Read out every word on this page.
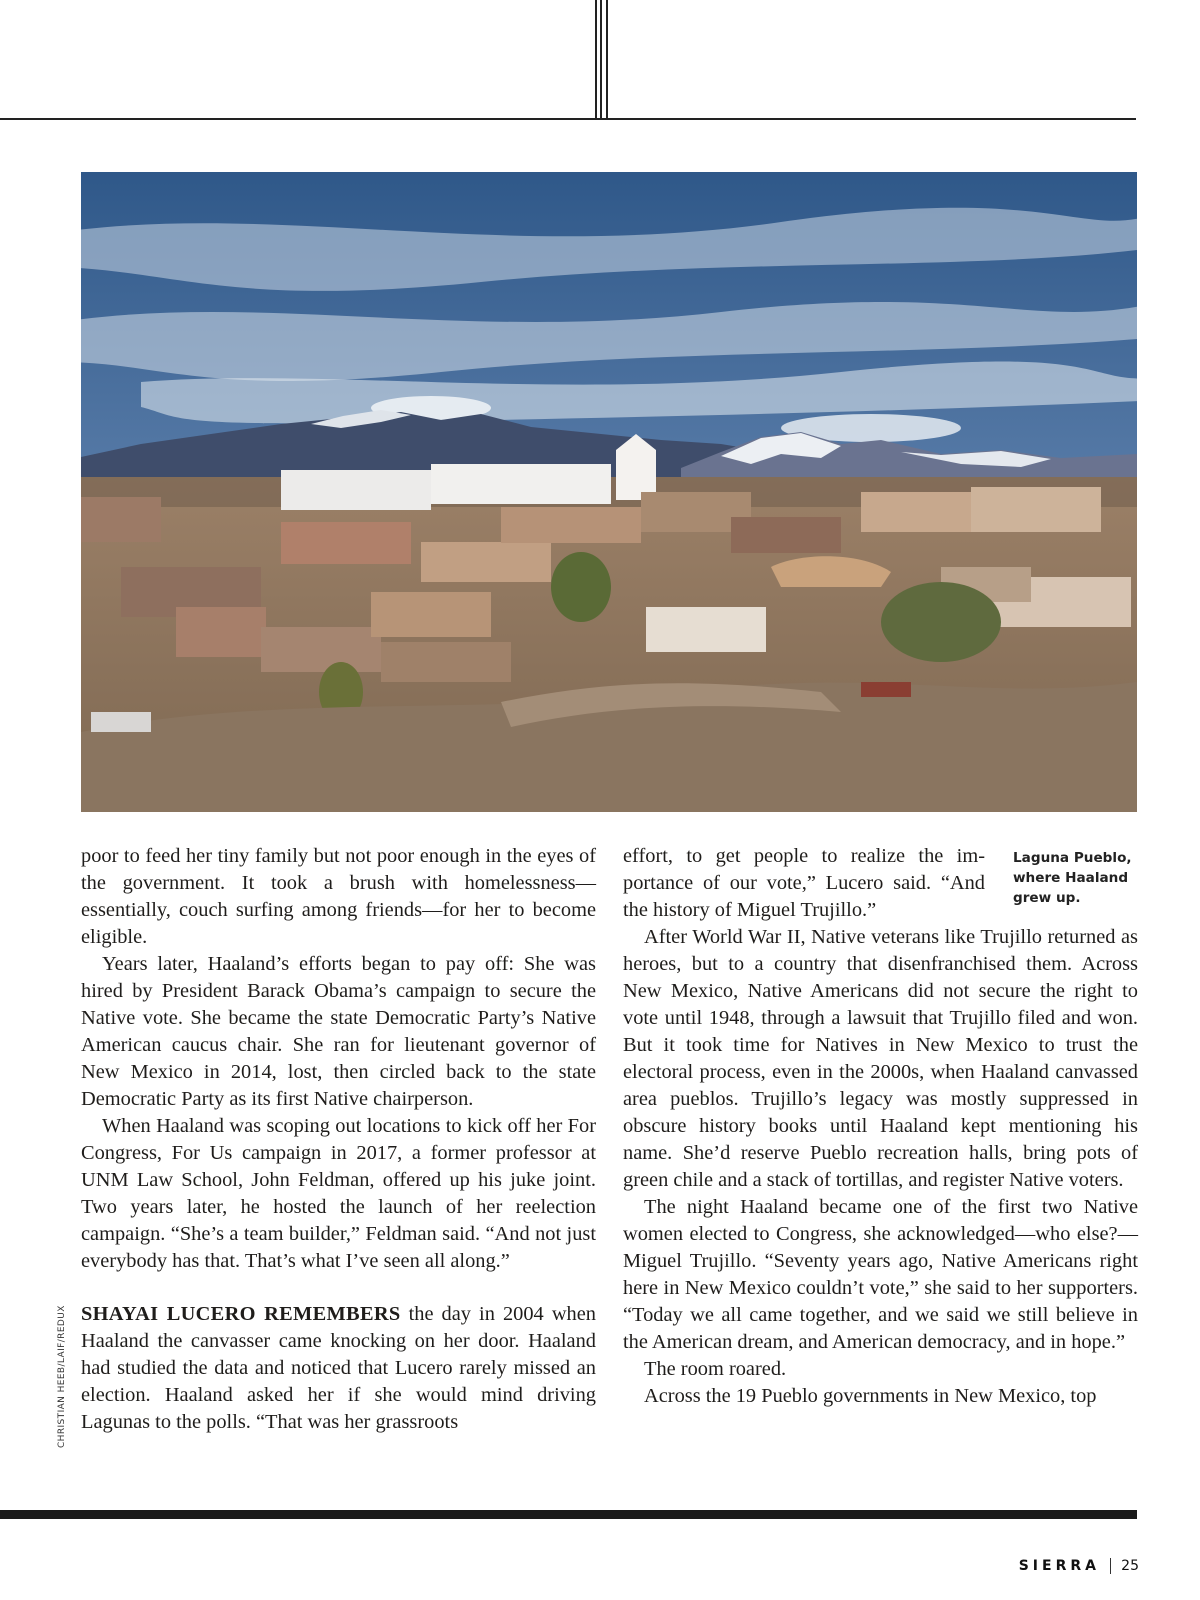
poor to feed her tiny family but not poor enough in the eyes of the government. It took a brush with homelessness—essentially, couch surfing among friends—for her to become eligible.

Years later, Haaland’s efforts began to pay off: She was hired by President Barack Obama’s campaign to secure the Native vote. She became the state Democratic Party’s Native American caucus chair. She ran for lieutenant governor of New Mexico in 2014, lost, then circled back to the state Democratic Party as its first Native chairperson.

When Haaland was scoping out locations to kick off her For Congress, For Us campaign in 2017, a former professor at UNM Law School, John Feldman, offered up his juke joint. Two years later, he hosted the launch of her reelection campaign. “She’s a team builder,” Feldman said. “And not just everybody has that. That’s what I’ve seen all along.”

SHAYAI LUCERO REMEMBERS the day in 2004 when Haaland the canvasser came knocking on her door. Haaland had studied the data and noticed that Lucero rarely missed an election. Haaland asked her if she would mind driving Lagunas to the polls. “That was her grassroots

effort, to get people to realize the importance of our vote,” Lucero said. “And the history of Miguel Trujillo.”

After World War II, Native veterans like Trujillo returned as heroes, but to a country that disenfranchised them. Across New Mexico, Native Americans did not secure the right to vote until 1948, through a lawsuit that Trujillo filed and won. But it took time for Natives in New Mexico to trust the electoral process, even in the 2000s, when Haaland canvassed area pueblos. Trujillo’s legacy was mostly suppressed in obscure history books until Haaland kept mentioning his name. She’d reserve Pueblo recreation halls, bring pots of green chile and a stack of tortillas, and register Native voters.

The night Haaland became one of the first two Native women elected to Congress, she acknowledged—who else?—Miguel Trujillo. “Seventy years ago, Native Americans right here in New Mexico couldn’t vote,” she said to her supporters. “Today we all came together, and we said we still believe in the American dream, and American democracy, and in hope.”

The room roared.

Across the 19 Pueblo governments in New Mexico, top

Laguna Pueblo, where Haaland grew up.
CHRISTIAN HEEB/LAIF/REDUX
SIERRA 25
